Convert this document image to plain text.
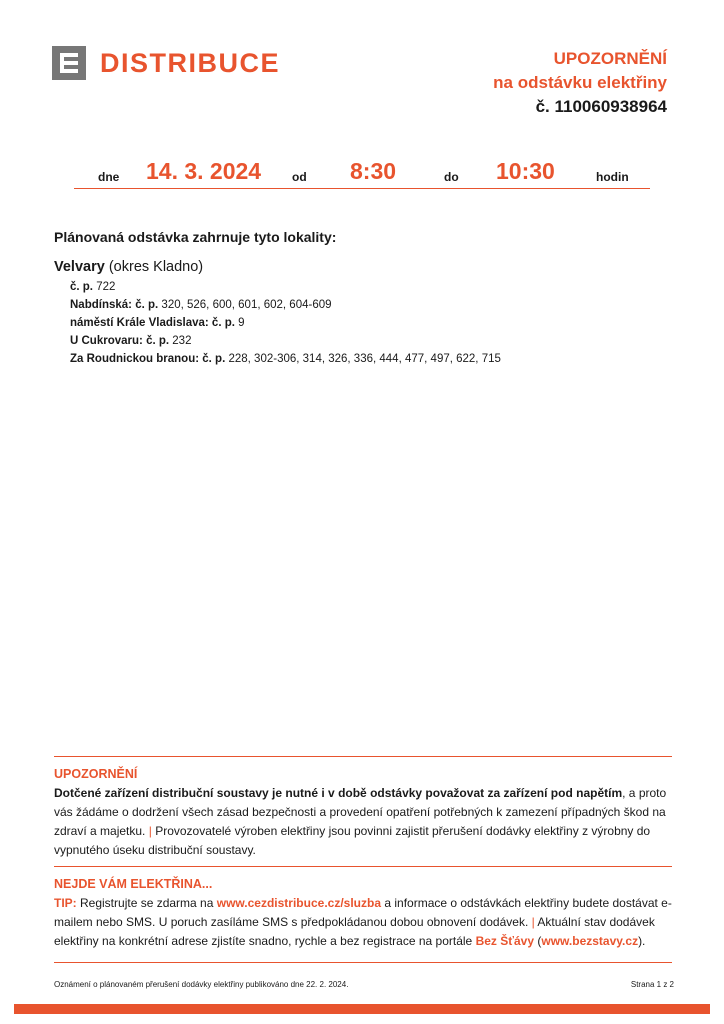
DISTRIBUCE	UPOZORNĚNÍ
na odstávku elektřiny
č. 110060938964
dne 14. 3. 2024	od 8:30	do 10:30	hodin
Plánovaná odstávka zahrnuje tyto lokality:
Velvary (okres Kladno)
č. p. 722
Nabdínská: č. p. 320, 526, 600, 601, 602, 604-609
náměstí Krále Vladislava: č. p. 9
U Cukrovaru: č. p. 232
Za Roudnickou branou: č. p. 228, 302-306, 314, 326, 336, 444, 477, 497, 622, 715
UPOZORNĚNÍ
Dotčené zařízení distribuční soustavy je nutné i v době odstávky považovat za zařízení pod napětím, a proto vás žádáme o dodržení všech zásad bezpečnosti a provedení opatření potřebných k zamezení případných škod na zdraví a majetku. | Provozovatelé výroben elektřiny jsou povinni zajistit přerušení dodávky elektřiny z výrobny do vypnutého úseku distribuční soustavy.
NEJDE VÁM ELEKTŘINA...
TIP: Registrujte se zdarma na www.cezdistribuce.cz/sluzba a informace o odstávkách elektřiny budete dostávat e-mailem nebo SMS. U poruch zasíláme SMS s předpokládanou dobou obnovení dodávek. | Aktuální stav dodávek elektřiny na konkrétní adrese zjistíte snadno, rychle a bez registrace na portále Bez Šťávy (www.bezstavy.cz).
Oznámení o plánovaném přerušení dodávky elektřiny publikováno dne 22. 2. 2024.	Strana 1 z 2
